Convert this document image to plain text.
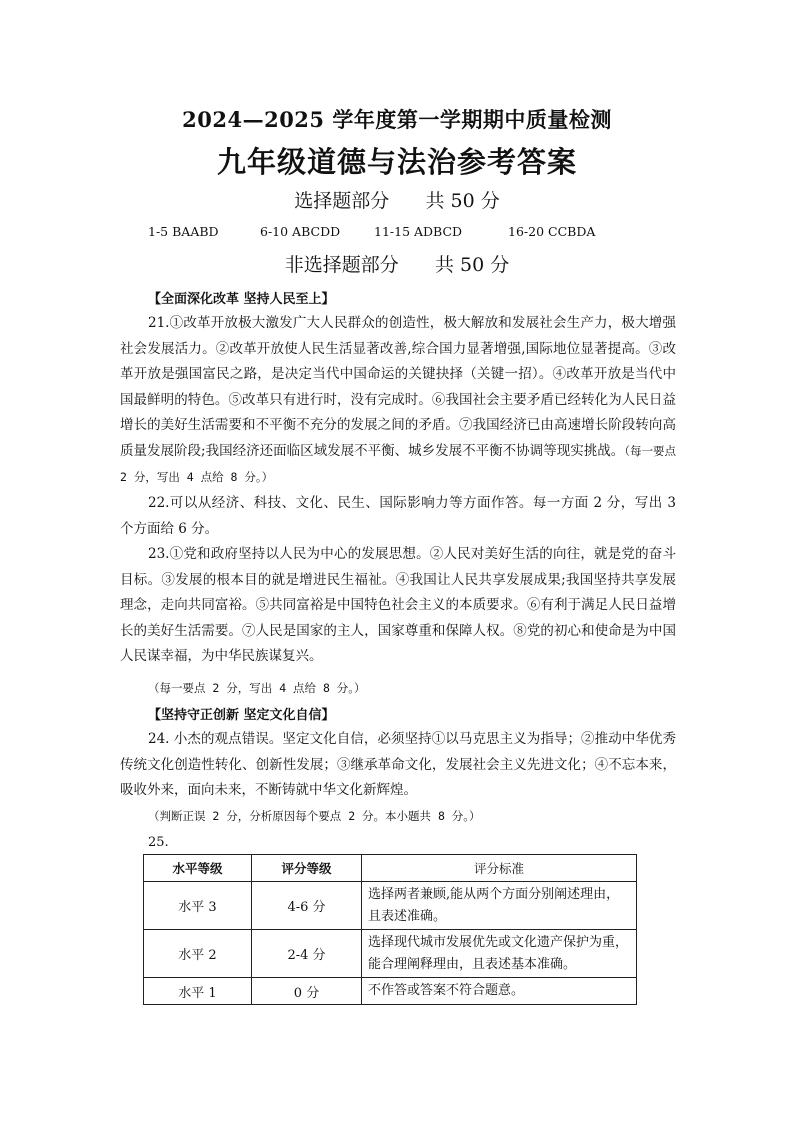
2024—2025 学年度第一学期期中质量检测
九年级道德与法治参考答案
选择题部分      共 50 分
1-5 BAABD	6-10 ABCDD	11-15 ADBCD	16-20 CCBDA
非选择题部分      共 50 分
【全面深化改革 坚持人民至上】
21.①改革开放极大激发广大人民群众的创造性，极大解放和发展社会生产力，极大增强社会发展活力。②改革开放使人民生活显著改善,综合国力显著增强,国际地位显著提高。③改革开放是强国富民之路，是决定当代中国命运的关键抉择（关键一招）。④改革开放是当代中国最鲜明的特色。⑤改革只有进行时，没有完成时。⑥我国社会主要矛盾已经转化为人民日益增长的美好生活需要和不平衡不充分的发展之间的矛盾。⑦我国经济已由高速增长阶段转向高质量发展阶段;我国经济还面临区域发展不平衡、城乡发展不平衡不协调等现实挑战。（每一要点 2 分，写出 4 点给 8 分。）
22.可以从经济、科技、文化、民生、国际影响力等方面作答。每一方面 2 分，写出 3 个方面给 6 分。
23.①党和政府坚持以人民为中心的发展思想。②人民对美好生活的向往，就是党的奋斗目标。③发展的根本目的就是增进民生福祉。④我国让人民共享发展成果;我国坚持共享发展理念，走向共同富裕。⑤共同富裕是中国特色社会主义的本质要求。⑥有利于满足人民日益增长的美好生活需要。⑦人民是国家的主人，国家尊重和保障人权。⑧党的初心和使命是为中国人民谋幸福，为中华民族谋复兴。
（每一要点 2 分，写出 4 点给 8 分。）
【坚持守正创新 坚定文化自信】
24. 小杰的观点错误。坚定文化自信，必须坚持①以马克思主义为指导；②推动中华优秀传统文化创造性转化、创新性发展；③继承革命文化，发展社会主义先进文化；④不忘本来，吸收外来，面向未来，不断铸就中华文化新辉煌。
（判断正误 2 分，分析原因每个要点 2 分。本小题共 8 分。）
25.
水平等级	评分等级	评分标准
水平 3	4-6 分	选择两者兼顾,能从两个方面分别阐述理由，且表述准确。
水平 2	2-4 分	选择现代城市发展优先或文化遗产保护为重，能合理阐释理由，且表述基本准确。
水平 1	0 分	不作答或答案不符合题意。
